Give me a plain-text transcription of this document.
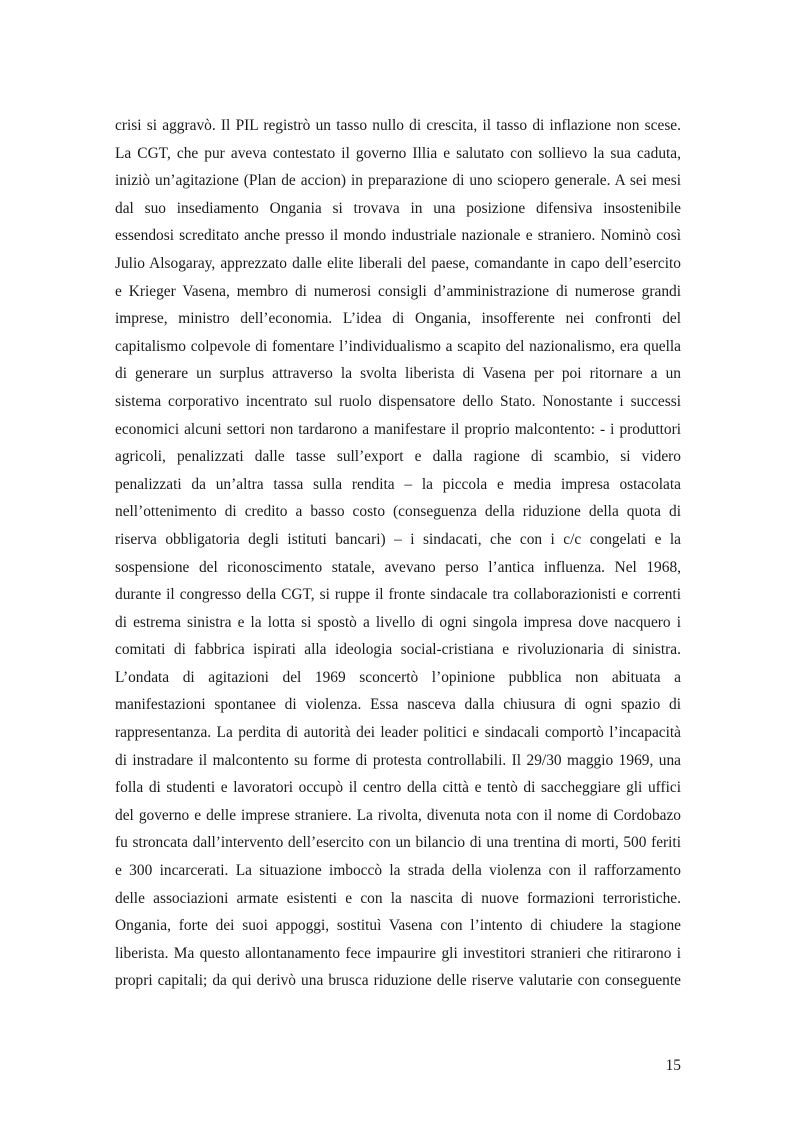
crisi si aggravò. Il PIL registrò un tasso nullo di crescita, il tasso di inflazione non scese.
La CGT, che pur aveva contestato il governo Illia e salutato con sollievo la sua caduta,
iniziò un’agitazione (Plan de accion) in preparazione di uno sciopero generale. A sei mesi
dal suo insediamento Ongania si trovava in una posizione difensiva insostenibile
essendosi screditato anche presso il mondo industriale nazionale e straniero. Nominò così
Julio Alsogaray, apprezzato dalle elite liberali del paese, comandante in capo dell’esercito
e Krieger Vasena, membro di numerosi consigli d’amministrazione di numerose grandi
imprese, ministro dell’economia. L’idea di Ongania, insofferente nei confronti del
capitalismo colpevole di fomentare l’individualismo a scapito del nazionalismo, era quella
di generare un surplus attraverso la svolta liberista di Vasena per poi ritornare a un
sistema corporativo incentrato sul ruolo dispensatore dello Stato. Nonostante i successi
economici alcuni settori non tardarono a manifestare il proprio malcontento: - i produttori
agricoli, penalizzati dalle tasse sull’export e dalla ragione di scambio, si videro
penalizzati da un’altra tassa sulla rendita – la piccola e media impresa ostacolata
nell’ottenimento di credito a basso costo (conseguenza della riduzione della quota di
riserva obbligatoria degli istituti bancari) – i sindacati, che con i c/c congelati e la
sospensione del riconoscimento statale, avevano perso l’antica influenza. Nel 1968,
durante il congresso della CGT, si ruppe il fronte sindacale tra collaborazionisti e correnti
di estrema sinistra e la lotta si spostò a livello di ogni singola impresa dove nacquero i
comitati di fabbrica ispirati alla ideologia social-cristiana e rivoluzionaria di sinistra.
L’ondata di agitazioni del 1969 sconcertò l’opinione pubblica non abituata a
manifestazioni spontanee di violenza. Essa nasceva dalla chiusura di ogni spazio di
rappresentanza. La perdita di autorità dei leader politici e sindacali comportò l’incapacità
di instradare il malcontento su forme di protesta controllabili. Il 29/30 maggio 1969, una
folla di studenti e lavoratori occupò il centro della città e tentò di saccheggiare gli uffici
del governo e delle imprese straniere. La rivolta, divenuta nota con il nome di Cordobazo
fu stroncata dall’intervento dell’esercito con un bilancio di una trentina di morti, 500 feriti
e 300 incarcerati. La situazione imboccò la strada della violenza con il rafforzamento
delle associazioni armate esistenti e con la nascita di nuove formazioni terroristiche.
Ongania, forte dei suoi appoggi, sostituì Vasena con l’intento di chiudere la stagione
liberista. Ma questo allontanamento fece impaurire gli investitori stranieri che ritirarono i
propri capitali; da qui derivò una brusca riduzione delle riserve valutarie con conseguente

15
